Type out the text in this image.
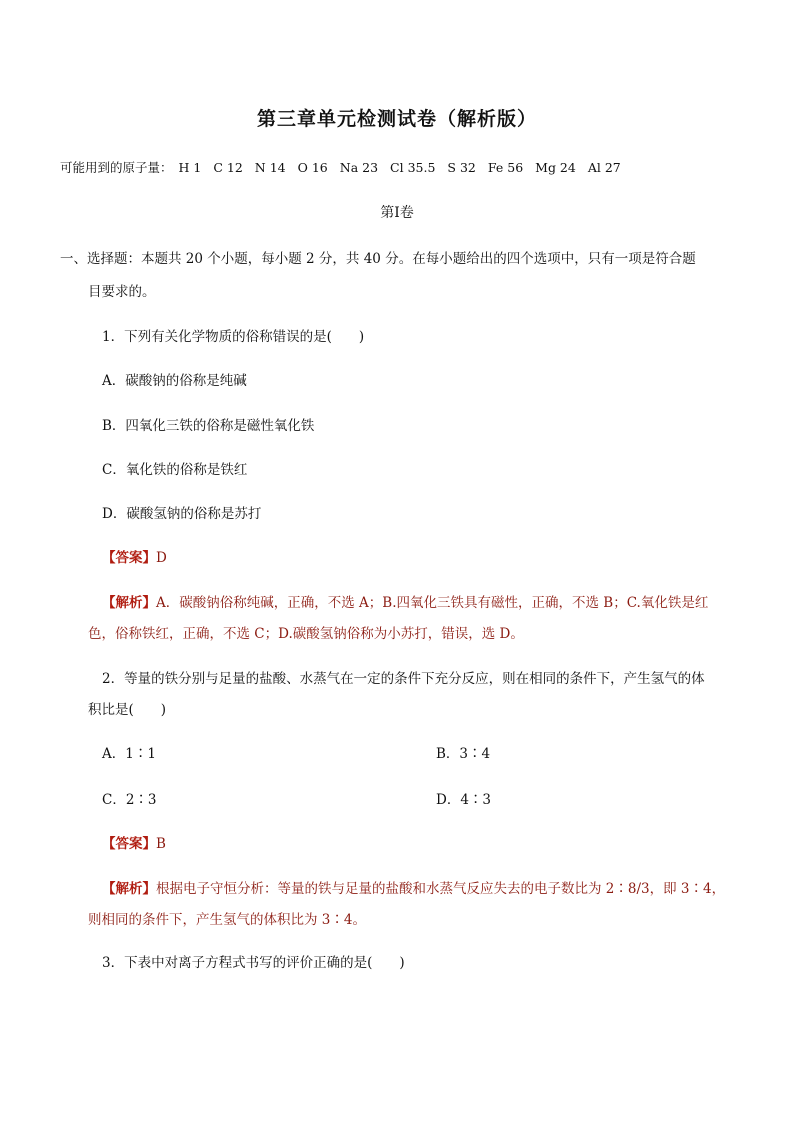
第三章单元检测试卷（解析版）
可能用到的原子量： H 1 C 12 N 14 O 16 Na 23 Cl 35.5 S 32 Fe 56 Mg 24 Al 27
第Ⅰ卷
一、选择题：本题共 20 个小题，每小题 2 分，共 40 分。在每小题给出的四个选项中，只有一项是符合题
目要求的。
1．下列有关化学物质的俗称错误的是(　　)
A．碳酸钠的俗称是纯碱
B．四氧化三铁的俗称是磁性氧化铁
C．氧化铁的俗称是铁红
D．碳酸氢钠的俗称是苏打
【答案】D
【解析】A．碳酸钠俗称纯碱，正确，不选 A；B.四氧化三铁具有磁性，正确，不选 B；C.氧化铁是红
色，俗称铁红，正确，不选 C；D.碳酸氢钠俗称为小苏打，错误，选 D。
2．等量的铁分别与足量的盐酸、水蒸气在一定的条件下充分反应，则在相同的条件下，产生氢气的体
积比是(　　)
A．1∶1	B．3∶4
C．2∶3	D．4∶3
【答案】B
【解析】根据电子守恒分析：等量的铁与足量的盐酸和水蒸气反应失去的电子数比为 2∶8/3，即 3∶4，
则相同的条件下，产生氢气的体积比为 3∶4。
3．下表中对离子方程式书写的评价正确的是(　　)
